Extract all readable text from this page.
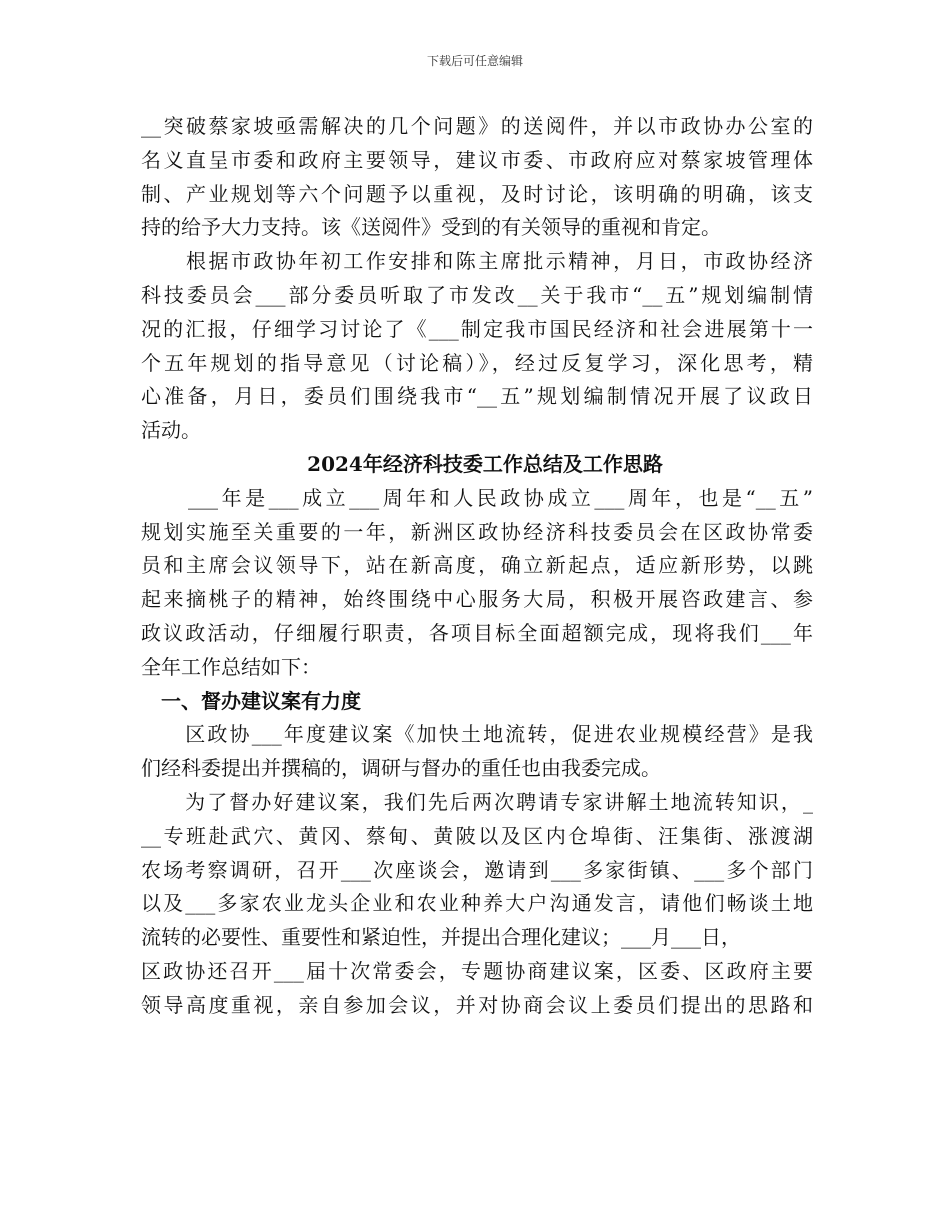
下载后可任意编辑
__突破蔡家坡亟需解决的几个问题》的送阅件，并以市政协办公室的
名义直呈市委和政府主要领导，建议市委、市政府应对蔡家坡管理体
制、产业规划等六个问题予以重视，及时讨论，该明确的明确，该支
持的给予大力支持。该《送阅件》受到的有关领导的重视和肯定。
　　根据市政协年初工作安排和陈主席批示精神，月日，市政协经济
科技委员会___部分委员听取了市发改__关于我市“__五”规划编制情
况的汇报，仔细学习讨论了《___制定我市国民经济和社会进展第十一
个五年规划的指导意见（讨论稿）》，经过反复学习，深化思考，精
心准备，月日，委员们围绕我市“__五”规划编制情况开展了议政日
活动。
2024年经济科技委工作总结及工作思路
　　___年是___成立___周年和人民政协成立___周年，也是“__五”
规划实施至关重要的一年，新洲区政协经济科技委员会在区政协常委
员和主席会议领导下，站在新高度，确立新起点，适应新形势，以跳
起来摘桃子的精神，始终围绕中心服务大局，积极开展咨政建言、参
政议政活动，仔细履行职责，各项目标全面超额完成，现将我们___年
全年工作总结如下：
一、督办建议案有力度
　　区政协___年度建议案《加快土地流转，促进农业规模经营》是我
们经科委提出并撰稿的，调研与督办的重任也由我委完成。
　　为了督办好建议案，我们先后两次聘请专家讲解土地流转知识，_
__专班赴武穴、黄冈、蔡甸、黄陂以及区内仓埠街、汪集街、涨渡湖
农场考察调研，召开___次座谈会，邀请到___多家街镇、___多个部门
以及___多家农业龙头企业和农业种养大户沟通发言，请他们畅谈土地
流转的必要性、重要性和紧迫性，并提出合理化建议；___月___日，
区政协还召开___届十次常委会，专题协商建议案，区委、区政府主要
领导高度重视，亲自参加会议，并对协商会议上委员们提出的思路和
